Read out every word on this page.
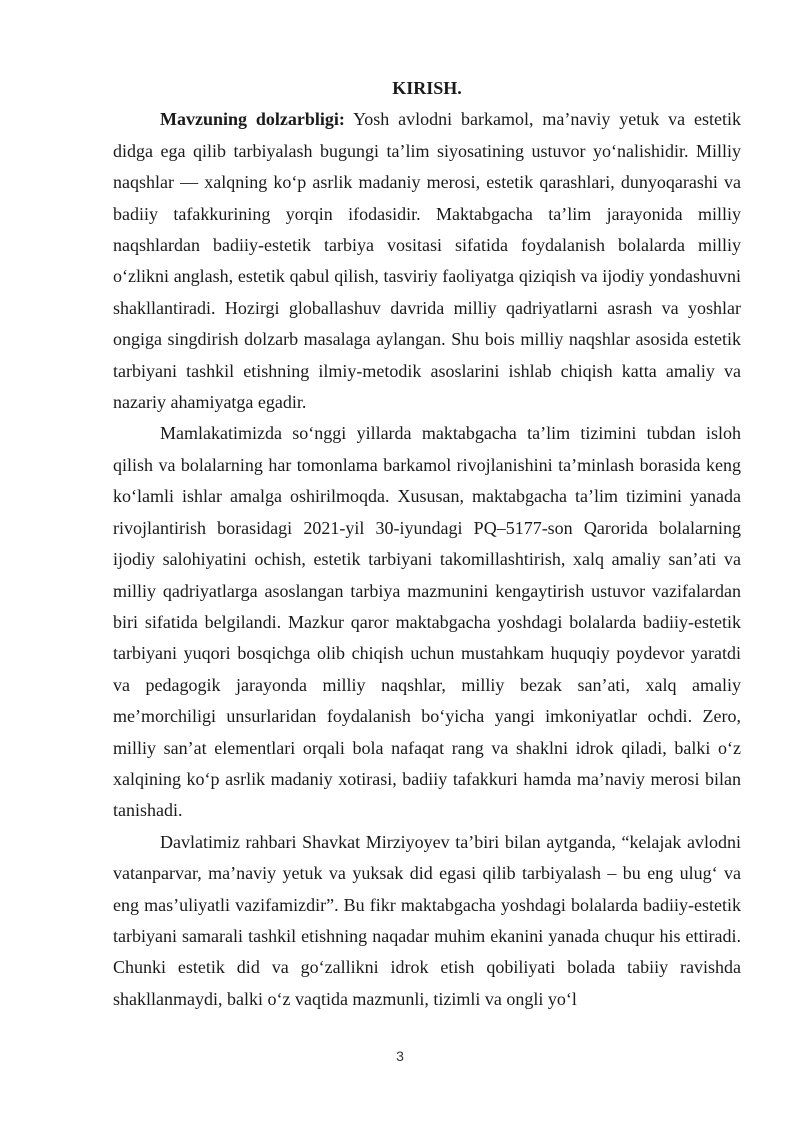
KIRISH.

Mavzuning dolzarbligi: Yosh avlodni barkamol, ma’naviy yetuk va estetik didga ega qilib tarbiyalash bugungi ta’lim siyosatining ustuvor yo‘nalishidir. Milliy naqshlar — xalqning ko‘p asrlik madaniy merosi, estetik qarashlari, dunyoqarashi va badiiy tafakkurining yorqin ifodasidir. Maktabgacha ta’lim jarayonida milliy naqshlardan badiiy-estetik tarbiya vositasi sifatida foydalanish bolalarda milliy o‘zlikni anglash, estetik qabul qilish, tasviriy faoliyatga qiziqish va ijodiy yondashuvni shakllantiradi. Hozirgi globallashuv davrida milliy qadriyatlarni asrash va yoshlar ongiga singdirish dolzarb masalaga aylangan. Shu bois milliy naqshlar asosida estetik tarbiyani tashkil etishning ilmiy-metodik asoslarini ishlab chiqish katta amaliy va nazariy ahamiyatga egadir.

Mamlakatimizda so‘nggi yillarda maktabgacha ta’lim tizimini tubdan isloh qilish va bolalarning har tomonlama barkamol rivojlanishini ta’minlash borasida keng ko‘lamli ishlar amalga oshirilmoqda. Xususan, maktabgacha ta’lim tizimini yanada rivojlantirish borasidagi 2021-yil 30-iyundagi PQ–5177-son Qarorida bolalarning ijodiy salohiyatini ochish, estetik tarbiyani takomillashtirish, xalq amaliy san’ati va milliy qadriyatlarga asoslangan tarbiya mazmunini kengaytirish ustuvor vazifalardan biri sifatida belgilandi. Mazkur qaror maktabgacha yoshdagi bolalarda badiiy-estetik tarbiyani yuqori bosqichga olib chiqish uchun mustahkam huquqiy poydevor yaratdi va pedagogik jarayonda milliy naqshlar, milliy bezak san’ati, xalq amaliy me’morchiligi unsurlaridan foydalanish bo‘yicha yangi imkoniyatlar ochdi. Zero, milliy san’at elementlari orqali bola nafaqat rang va shaklni idrok qiladi, balki o‘z xalqining ko‘p asrlik madaniy xotirasi, badiiy tafakkuri hamda ma’naviy merosi bilan tanishadi.

Davlatimiz rahbari Shavkat Mirziyoyev ta’biri bilan aytganda, “kelajak avlodni vatanparvar, ma’naviy yetuk va yuksak did egasi qilib tarbiyalash – bu eng ulug‘ va eng mas’uliyatli vazifamizdir”. Bu fikr maktabgacha yoshdagi bolalarda badiiy-estetik tarbiyani samarali tashkil etishning naqadar muhim ekanini yanada chuqur his ettiradi. Chunki estetik did va go‘zallikni idrok etish qobiliyati bolada tabiiy ravishda shakllanmaydi, balki o‘z vaqtida mazmunli, tizimli va ongli yo‘l

3
